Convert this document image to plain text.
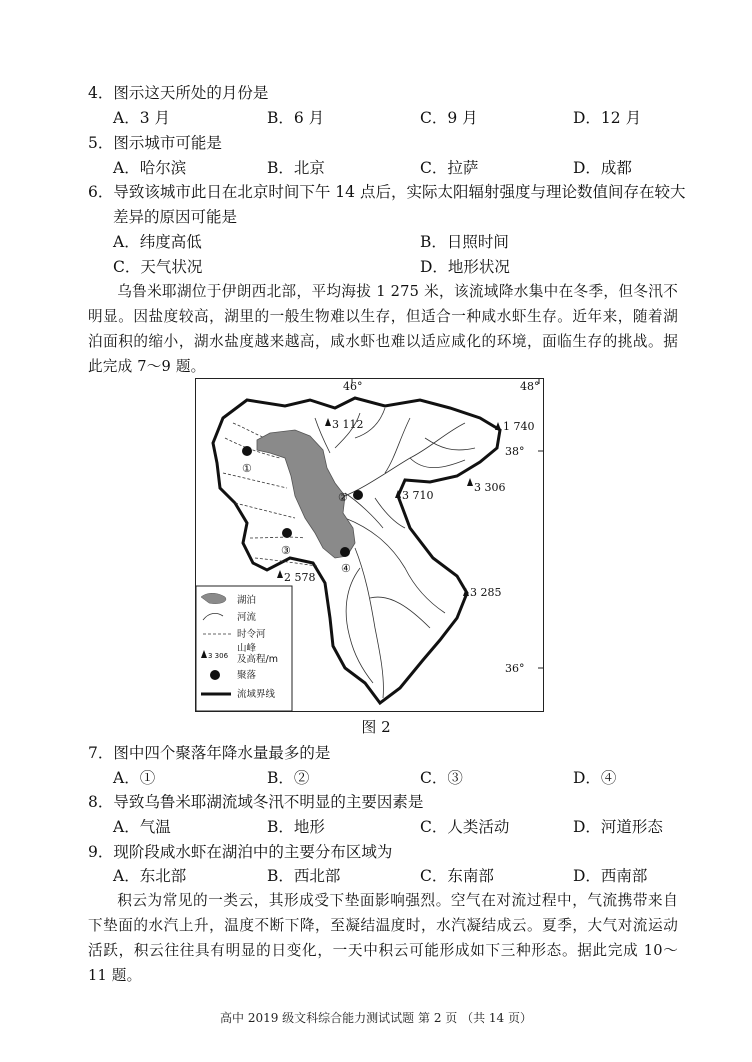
4．图示这天所处的月份是
A．3 月	B．6 月	C．9 月	D．12 月
5．图示城市可能是
A．哈尔滨	B．北京	C．拉萨	D．成都
6．导致该城市此日在北京时间下午 14 点后，实际太阳辐射强度与理论数值间存在较大
差异的原因可能是
A．纬度高低	B．日照时间
C．天气状况	D．地形状况
乌鲁米耶湖位于伊朗西北部，平均海拔 1 275 米，该流域降水集中在冬季，但冬汛不明显。因盐度较高，湖里的一般生物难以生存，但适合一种咸水虾生存。近年来，随着湖泊面积的缩小，湖水盐度越来越高，咸水虾也难以适应咸化的环境，面临生存的挑战。据此完成 7～9 题。
①
②
③
④
3 112	1 740
3 710
3 306
2 578
3 285
38°
36°
湖泊
河流
时令河
3 306
山峰
及高程/m
聚落
流域界线
48°
46°
图 2
7．图中四个聚落年降水量最多的是
A．①	B．②	C．③	D．④
8．导致乌鲁米耶湖流域冬汛不明显的主要因素是
A．气温	B．地形	C．人类活动	D．河道形态
9．现阶段咸水虾在湖泊中的主要分布区域为
A．东北部	B．西北部	C．东南部	D．西南部
积云为常见的一类云，其形成受下垫面影响强烈。空气在对流过程中，气流携带来自下垫面的水汽上升，温度不断下降，至凝结温度时，水汽凝结成云。夏季，大气对流运动活跃，积云往往具有明显的日变化，一天中积云可能形成如下三种形态。据此完成 10～11 题。
高中 2019 级文科综合能力测试试题 第 2 页 （共 14 页）
